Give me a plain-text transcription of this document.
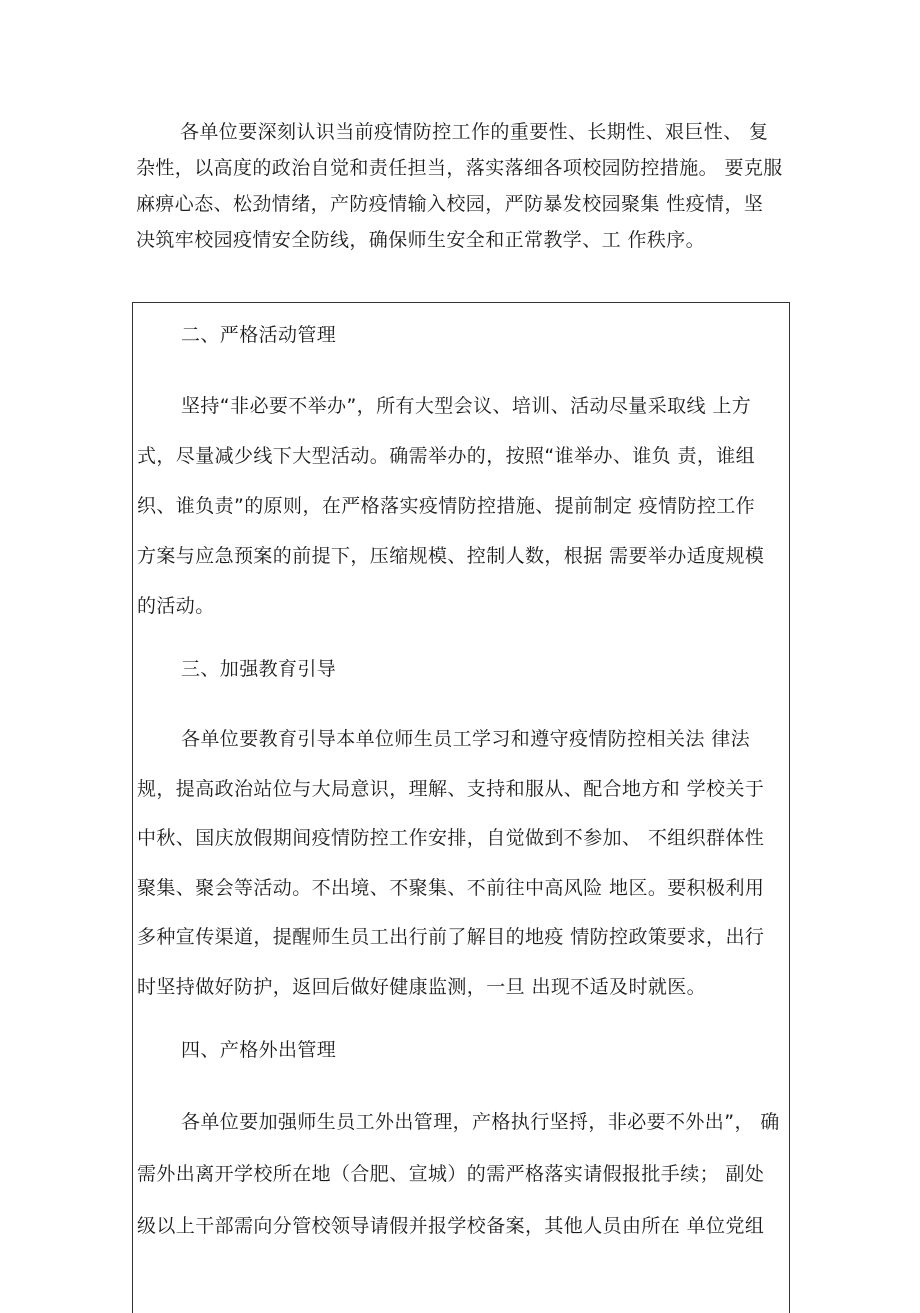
各单位要深刻认识当前疫情防控工作的重要性、长期性、艰巨性、 复
杂性，以高度的政治自觉和责任担当，落实落细各项校园防控措施。 要克服
麻痹心态、松劲情绪，产防疫情输入校园，严防暴发校园聚集 性疫情，坚
决筑牢校园疫情安全防线，确保师生安全和正常教学、工 作秩序。
二、严格活动管理
坚持“非必要不举办”，所有大型会议、培训、活动尽量采取线 上方
式，尽量减少线下大型活动。确需举办的，按照“谁举办、谁负 责，谁组
织、谁负责”的原则，在严格落实疫情防控措施、提前制定 疫情防控工作
方案与应急预案的前提下，压缩规模、控制人数，根据 需要举办适度规模
的活动。
三、加强教育引导
各单位要教育引导本单位师生员工学习和遵守疫情防控相关法 律法
规，提高政治站位与大局意识，理解、支持和服从、配合地方和 学校关于
中秋、国庆放假期间疫情防控工作安排，自觉做到不参加、 不组织群体性
聚集、聚会等活动。不出境、不聚集、不前往中高风险 地区。要积极利用
多种宣传渠道，提醒师生员工出行前了解目的地疫 情防控政策要求，出行
时坚持做好防护，返回后做好健康监测，一旦 出现不适及时就医。
四、产格外出管理
各单位要加强师生员工外出管理，产格执行坚捋，非必要不外出”， 确
需外出离开学校所在地（合肥、宣城）的需严格落实请假报批手续； 副处
级以上干部需向分管校领导请假并报学校备案，其他人员由所在 单位党组
